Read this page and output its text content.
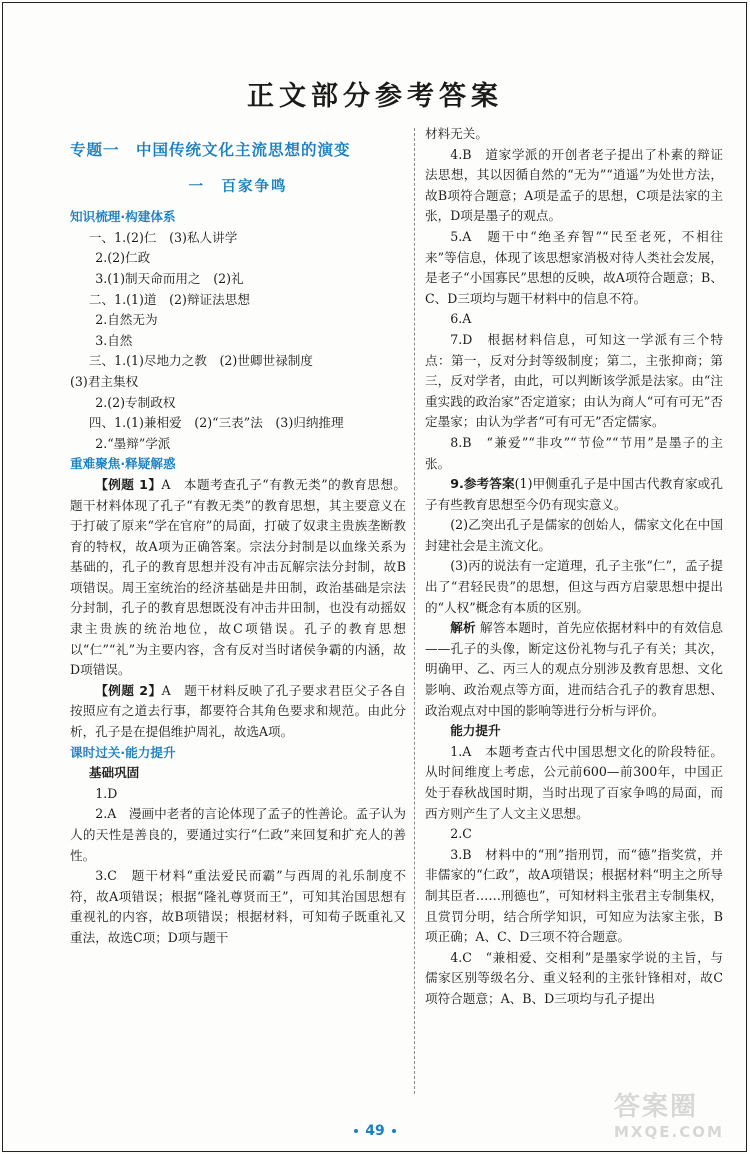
正文部分参考答案

专题一　中国传统文化主流思想的演变

一　百家争鸣

知识梳理·构建体系

一、1.(2)仁　(3)私人讲学

2.(2)仁政

3.(1)制天命而用之　(2)礼

二、1.(1)道　(2)辩证法思想

2.自然无为

3.自然

三、1.(1)尽地力之教　(2)世卿世禄制度

(3)君主集权

2.(2)专制政权

四、1.(1)兼相爱　(2)“三表”法　(3)归纳推理

2.“墨辩”学派

重难聚焦·释疑解惑

【例题 1】A　本题考查孔子“有教无类”的教育思想。题干材料体现了孔子“有教无类”的教育思想，其主要意义在于打破了原来“学在官府”的局面，打破了奴隶主贵族垄断教育的特权，故A项为正确答案。宗法分封制是以血缘关系为基础的，孔子的教育思想并没有冲击瓦解宗法分封制，故B项错误。周王室统治的经济基础是井田制，政治基础是宗法分封制，孔子的教育思想既没有冲击井田制，也没有动摇奴隶主贵族的统治地位，故C项错误。孔子的教育思想以“仁”“礼”为主要内容，含有反对当时诸侯争霸的内涵，故D项错误。

【例题 2】A　题干材料反映了孔子要求君臣父子各自按照应有之道去行事，都要符合其角色要求和规范。由此分析，孔子是在提倡维护周礼，故选A项。

课时过关·能力提升

基础巩固

1.D

2.A　漫画中老者的言论体现了孟子的性善论。孟子认为人的天性是善良的，要通过实行“仁政”来回复和扩充人的善性。

3.C　题干材料“重法爱民而霸”与西周的礼乐制度不符，故A项错误；根据“隆礼尊贤而王”，可知其治国思想有重视礼的内容，故B项错误；根据材料，可知荀子既重礼又重法，故选C项；D项与题干

材料无关。

4.B　道家学派的开创者老子提出了朴素的辩证法思想，其以因循自然的“无为”“逍遥”为处世方法，故B项符合题意；A项是孟子的思想，C项是法家的主张，D项是墨子的观点。

5.A　题干中“绝圣弃智”“民至老死，不相往来”等信息，体现了该思想家消极对待人类社会发展，是老子“小国寡民”思想的反映，故A项符合题意；B、C、D三项均与题干材料中的信息不符。

6.A

7.D　根据材料信息，可知这一学派有三个特点：第一，反对分封等级制度；第二，主张抑商；第三，反对学者，由此，可以判断该学派是法家。由“注重实践的政治家”否定道家；由认为商人“可有可无”否定墨家；由认为学者“可有可无”否定儒家。

8.B　“兼爱”“非攻”“节俭”“节用”是墨子的主张。

9.参考答案(1)甲侧重孔子是中国古代教育家或孔子有些教育思想至今仍有现实意义。

(2)乙突出孔子是儒家的创始人，儒家文化在中国封建社会是主流文化。

(3)丙的说法有一定道理，孔子主张“仁”，孟子提出了“君轻民贵”的思想，但这与西方启蒙思想中提出的“人权”概念有本质的区别。

解析 解答本题时，首先应依据材料中的有效信息——孔子的头像，断定这份礼物与孔子有关；其次，明确甲、乙、丙三人的观点分别涉及教育思想、文化影响、政治观点等方面，进而结合孔子的教育思想、政治观点对中国的影响等进行分析与评价。

能力提升

1.A　本题考查古代中国思想文化的阶段特征。从时间维度上考虑，公元前600—前300年，中国正处于春秋战国时期，当时出现了百家争鸣的局面，而西方则产生了人文主义思想。

2.C

3.B　材料中的“刑”指刑罚，而“德”指奖赏，并非儒家的“仁政”，故A项错误；根据材料“明主之所导制其臣者……刑德也”，可知材料主张君主专制集权，且赏罚分明，结合所学知识，可知应为法家主张，B项正确；A、C、D三项不符合题意。

4.C　“兼相爱、交相利”是墨家学说的主旨，与儒家区别等级名分、重义轻利的主张针锋相对，故C项符合题意；A、B、D三项均与孔子提出

49
答案圈
MXQE.COM
